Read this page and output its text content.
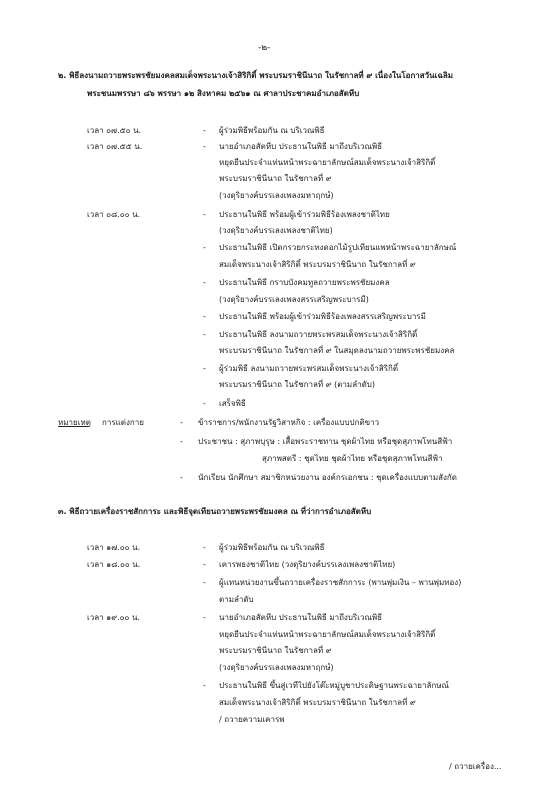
-๒-
๒. พิธีลงนามถวายพระพรชัยมงคลสมเด็จพระนางเจ้าสิริกิติ์ พระบรมราชินีนาถ ในรัชกาลที่ ๙ เนื่องในโอกาสวันเฉลิม
พระชนมพรรษา ๘๖ พรรษา ๑๒ สิงหาคม ๒๕๖๑ ณ ศาลาประชาคมอำเภอสัตหีบ
เวลา ๐๗.๕๐ น.	- ผู้ร่วมพิธีพร้อมกัน ณ บริเวณพิธี
เวลา ๐๗.๕๕ น.	- นายอำเภอสัตหีบ ประธานในพิธี มาถึงบริเวณพิธี
หยุดยืนประจำแท่นหน้าพระฉายาลักษณ์สมเด็จพระนางเจ้าสิริกิติ์
พระบรมราชินีนาถ ในรัชกาลที่ ๙
(วงดุริยางค์บรรเลงเพลงมหาฤกษ์)
เวลา ๐๘.๐๐ น.	- ประธานในพิธี พร้อมผู้เข้าร่วมพิธีร้องเพลงชาติไทย
(วงดุริยางค์บรรเลงเพลงชาติไทย)
- ประธานในพิธี เปิดกรวยกระทงดอกไม้รูปเทียนแพหน้าพระฉายาลักษณ์
สมเด็จพระนางเจ้าสิริกิติ์ พระบรมราชินีนาถ ในรัชกาลที่ ๙
- ประธานในพิธี กราบบังคมทูลถวายพระพรชัยมงคล
(วงดุริยางค์บรรเลงเพลงสรรเสริญพระบารมี)
- ประธานในพิธี พร้อมผู้เข้าร่วมพิธีร้องเพลงสรรเสริญพระบารมี
- ประธานในพิธี ลงนามถวายพระพรสมเด็จพระนางเจ้าสิริกิติ์
พระบรมราชินีนาถ ในรัชกาลที่ ๙ ในสมุดลงนามถวายพระพรชัยมงคล
- ผู้ร่วมพิธี ลงนามถวายพระพรสมเด็จพระนางเจ้าสิริกิติ์
พระบรมราชินีนาถ ในรัชกาลที่ ๙ (ตามลำดับ)
- เสร็จพิธี
หมายเหตุ การแต่งกาย	- ข้าราชการ/พนักงานรัฐวิสาหกิจ : เครื่องแบบปกติขาว
- ประชาชน : สุภาพบุรุษ : เสื้อพระราชทาน ชุดผ้าไทย หรือชุดสุภาพโทนสีฟ้า
สุภาพสตรี : ชุดไทย ชุดผ้าไทย หรือชุดสุภาพโทนสีฟ้า
- นักเรียน นักศึกษา สมาชิกหน่วยงาน องค์กรเอกชน : ชุดเครื่องแบบตามสังกัด
๓. พิธีถวายเครื่องราชสักการะ และพิธีจุดเทียนถวายพระพรชัยมงคล ณ ที่ว่าการอำเภอสัตหีบ
เวลา ๑๗.๐๐ น.	- ผู้ร่วมพิธีพร้อมกัน ณ บริเวณพิธี
เวลา ๑๘.๐๐ น.	- เคารพธงชาติไทย (วงดุริยางค์บรรเลงเพลงชาติไทย)
- ผู้แทนหน่วยงานขึ้นถวายเครื่องราชสักการะ (พานพุ่มเงิน – พานพุ่มทอง)
ตามลำดับ
เวลา ๑๙.๐๐ น.	- นายอำเภอสัตหีบ ประธานในพิธี มาถึงบริเวณพิธี
หยุดยืนประจำแท่นหน้าพระฉายาลักษณ์สมเด็จพระนางเจ้าสิริกิติ์
พระบรมราชินีนาถ ในรัชกาลที่ ๙
(วงดุริยางค์บรรเลงเพลงมหาฤกษ์)
- ประธานในพิธี ขึ้นสู่เวทีไปยังโต๊ะหมู่บูชาประดิษฐานพระฉายาลักษณ์
สมเด็จพระนางเจ้าสิริกิติ์ พระบรมราชินีนาถ ในรัชกาลที่ ๙
/ ถวายความเคารพ
/ ถวายเครื่อง...
